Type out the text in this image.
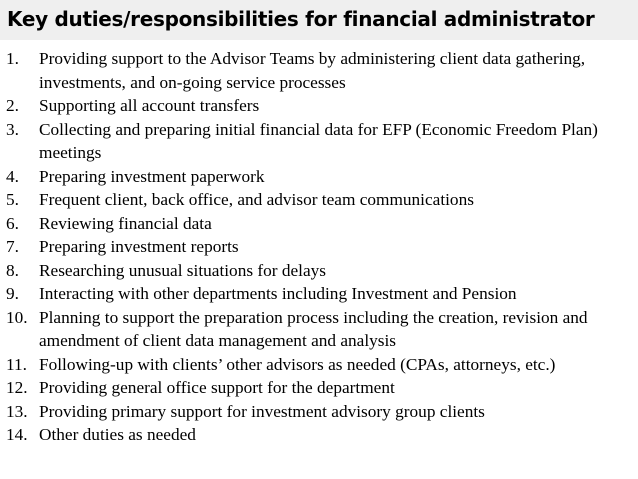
Key duties/responsibilities for financial administrator
1. Providing support to the Advisor Teams by administering client data gathering, investments, and on-going service processes
2. Supporting all account transfers
3. Collecting and preparing initial financial data for EFP (Economic Freedom Plan) meetings
4. Preparing investment paperwork
5. Frequent client, back office, and advisor team communications
6. Reviewing financial data
7. Preparing investment reports
8. Researching unusual situations for delays
9. Interacting with other departments including Investment and Pension
10. Planning to support the preparation process including the creation, revision and amendment of client data management and analysis
11. Following-up with clients’ other advisors as needed (CPAs, attorneys, etc.)
12. Providing general office support for the department
13. Providing primary support for investment advisory group clients
14. Other duties as needed
